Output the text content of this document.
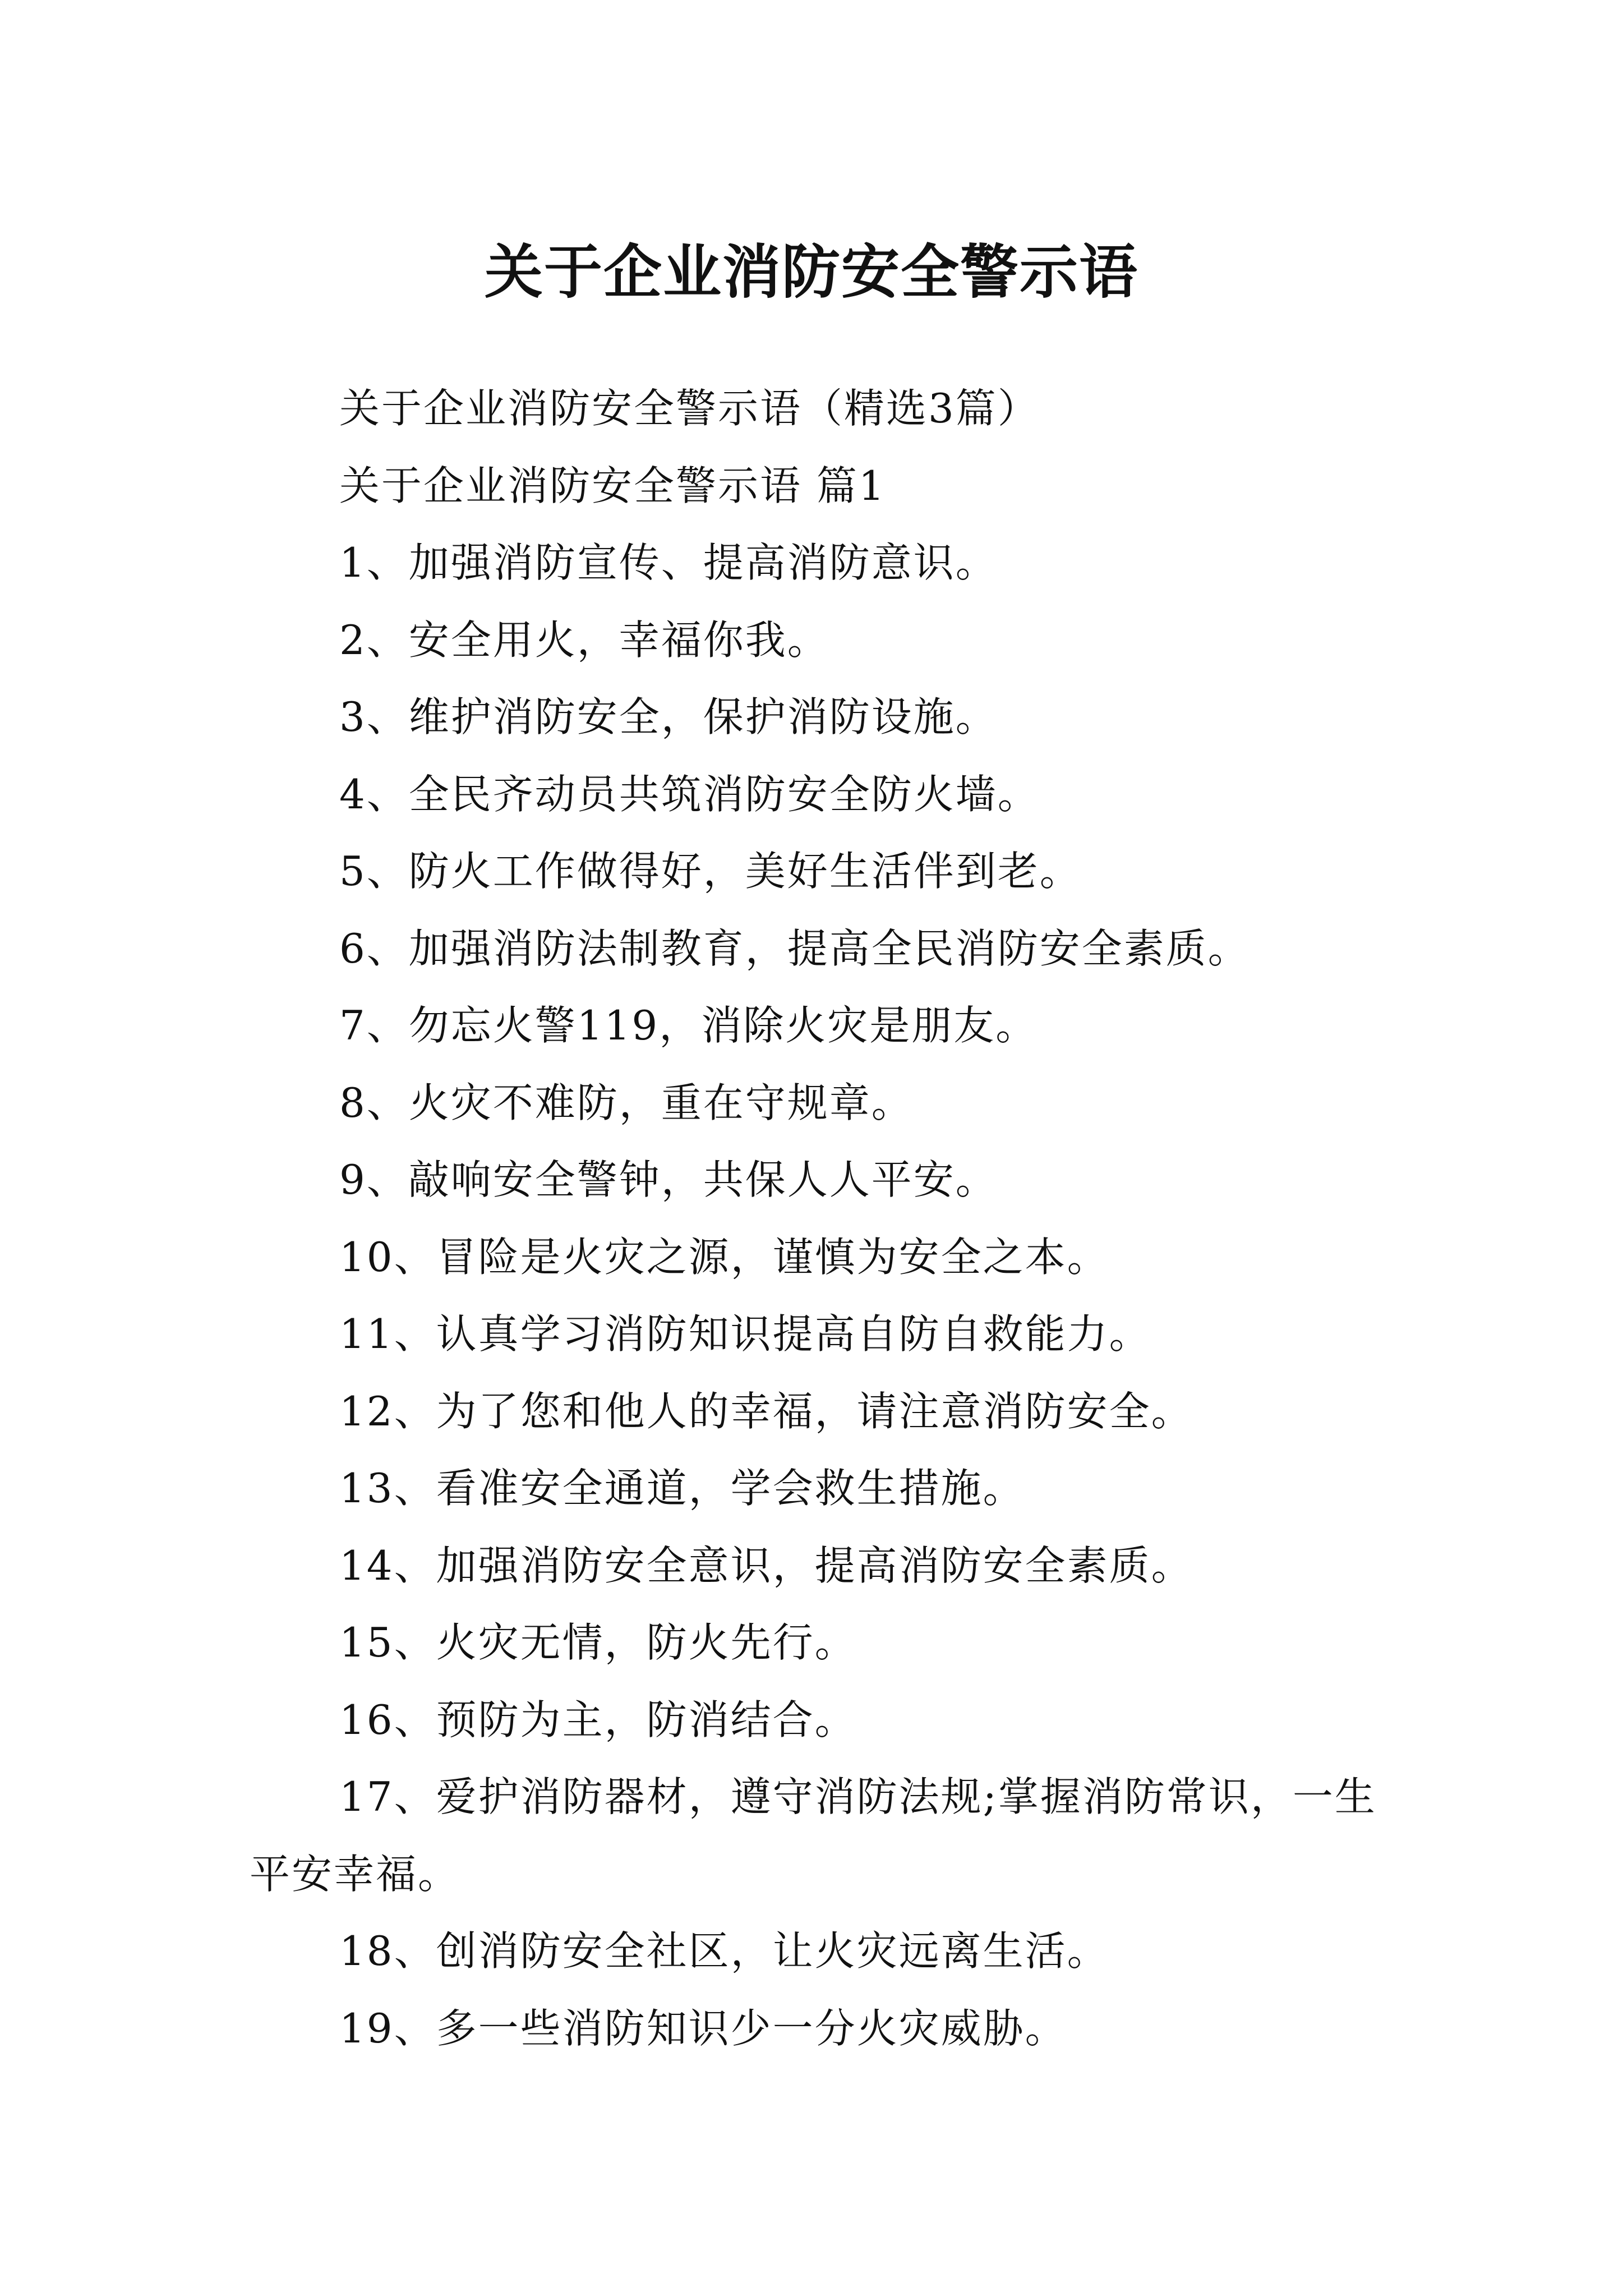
关于企业消防安全警示语

关于企业消防安全警示语（精选3篇）

关于企业消防安全警示语 篇1

1、加强消防宣传、提高消防意识。

2、安全用火，幸福你我。

3、维护消防安全，保护消防设施。

4、全民齐动员共筑消防安全防火墙。

5、防火工作做得好，美好生活伴到老。

6、加强消防法制教育，提高全民消防安全素质。

7、勿忘火警119，消除火灾是朋友。

8、火灾不难防，重在守规章。

9、敲响安全警钟，共保人人平安。

10、冒险是火灾之源，谨慎为安全之本。

11、认真学习消防知识提高自防自救能力。

12、为了您和他人的幸福，请注意消防安全。

13、看准安全通道，学会救生措施。

14、加强消防安全意识，提高消防安全素质。

15、火灾无情，防火先行。

16、预防为主，防消结合。

17、爱护消防器材，遵守消防法规;掌握消防常识，一生平安幸福。

18、创消防安全社区，让火灾远离生活。

19、多一些消防知识少一分火灾威胁。
